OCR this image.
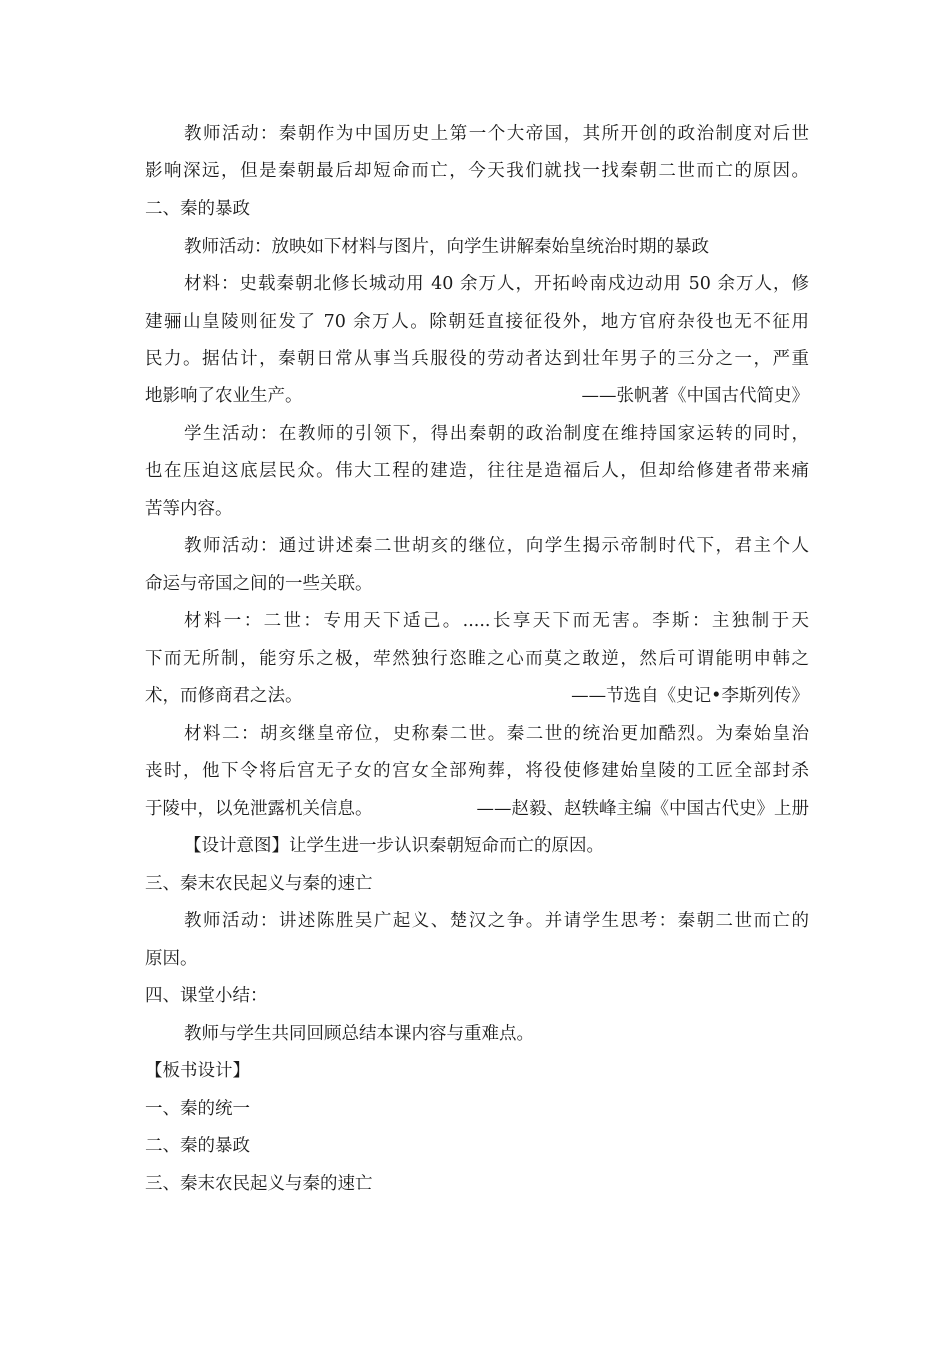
教师活动：秦朝作为中国历史上第一个大帝国，其所开创的政治制度对后世
影响深远，但是秦朝最后却短命而亡，今天我们就找一找秦朝二世而亡的原因。
二、秦的暴政
教师活动：放映如下材料与图片，向学生讲解秦始皇统治时期的暴政
材料：史载秦朝北修长城动用 40 余万人，开拓岭南戍边动用 50 余万人，修
建骊山皇陵则征发了 70 余万人。除朝廷直接征役外，地方官府杂役也无不征用
民力。据估计，秦朝日常从事当兵服役的劳动者达到壮年男子的三分之一，严重
地影响了农业生产。	——张帆著《中国古代简史》
学生活动：在教师的引领下，得出秦朝的政治制度在维持国家运转的同时，
也在压迫这底层民众。伟大工程的建造，往往是造福后人，但却给修建者带来痛
苦等内容。
教师活动：通过讲述秦二世胡亥的继位，向学生揭示帝制时代下，君主个人
命运与帝国之间的一些关联。
材料一：二世：专用天下适己。.....长享天下而无害。李斯：主独制于天
下而无所制，能穷乐之极，荦然独行恣睢之心而莫之敢逆，然后可谓能明申韩之
术，而修商君之法。	——节选自《史记•李斯列传》
材料二：胡亥继皇帝位，史称秦二世。秦二世的统治更加酷烈。为秦始皇治
丧时，他下令将后宫无子女的宫女全部殉葬，将役使修建始皇陵的工匠全部封杀
于陵中，以免泄露机关信息。	——赵毅、赵轶峰主编《中国古代史》上册
【设计意图】让学生进一步认识秦朝短命而亡的原因。
三、秦末农民起义与秦的速亡
教师活动：讲述陈胜吴广起义、楚汉之争。并请学生思考：秦朝二世而亡的
原因。
四、课堂小结：
教师与学生共同回顾总结本课内容与重难点。
【板书设计】
一、秦的统一
二、秦的暴政
三、秦末农民起义与秦的速亡
